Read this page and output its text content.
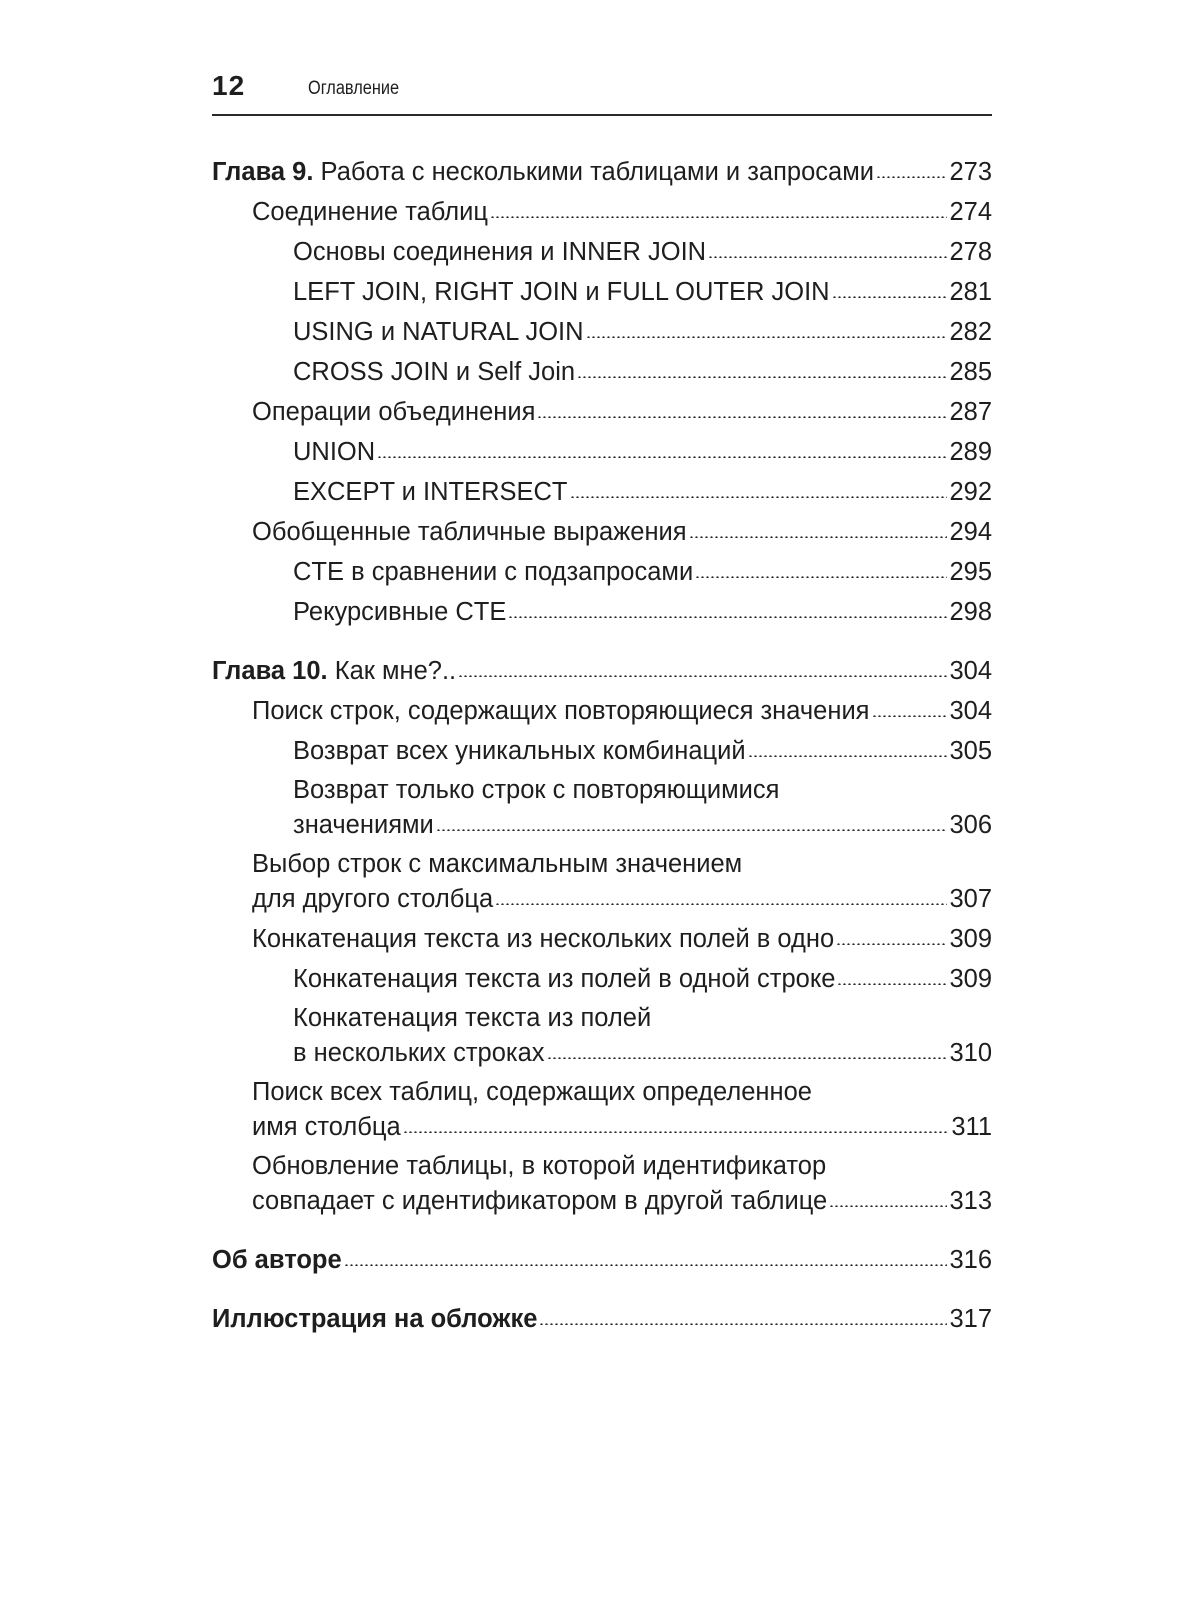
12	Оглавление
Глава 9. Работа с несколькими таблицами и запросами	273
Соединение таблиц	274
Основы соединения и INNER JOIN	278
LEFT JOIN, RIGHT JOIN и FULL OUTER JOIN	281
USING и NATURAL JOIN	282
CROSS JOIN и Self Join	285
Операции объединения	287
UNION	289
EXCEPT и INTERSECT	292
Обобщенные табличные выражения	294
CTE в сравнении с подзапросами	295
Рекурсивные CTE	298
Глава 10. Как мне?..	304
Поиск строк, содержащих повторяющиеся значения	304
Возврат всех уникальных комбинаций	305
Возврат только строк с повторяющимися
значениями	306
Выбор строк с максимальным значением
для другого столбца	307
Конкатенация текста из нескольких полей в одно	309
Конкатенация текста из полей в одной строке	309
Конкатенация текста из полей
в нескольких строках	310
Поиск всех таблиц, содержащих определенное
имя столбца	311
Обновление таблицы, в которой идентификатор
совпадает с идентификатором в другой таблице	313
Об авторе	316
Иллюстрация на обложке	317
